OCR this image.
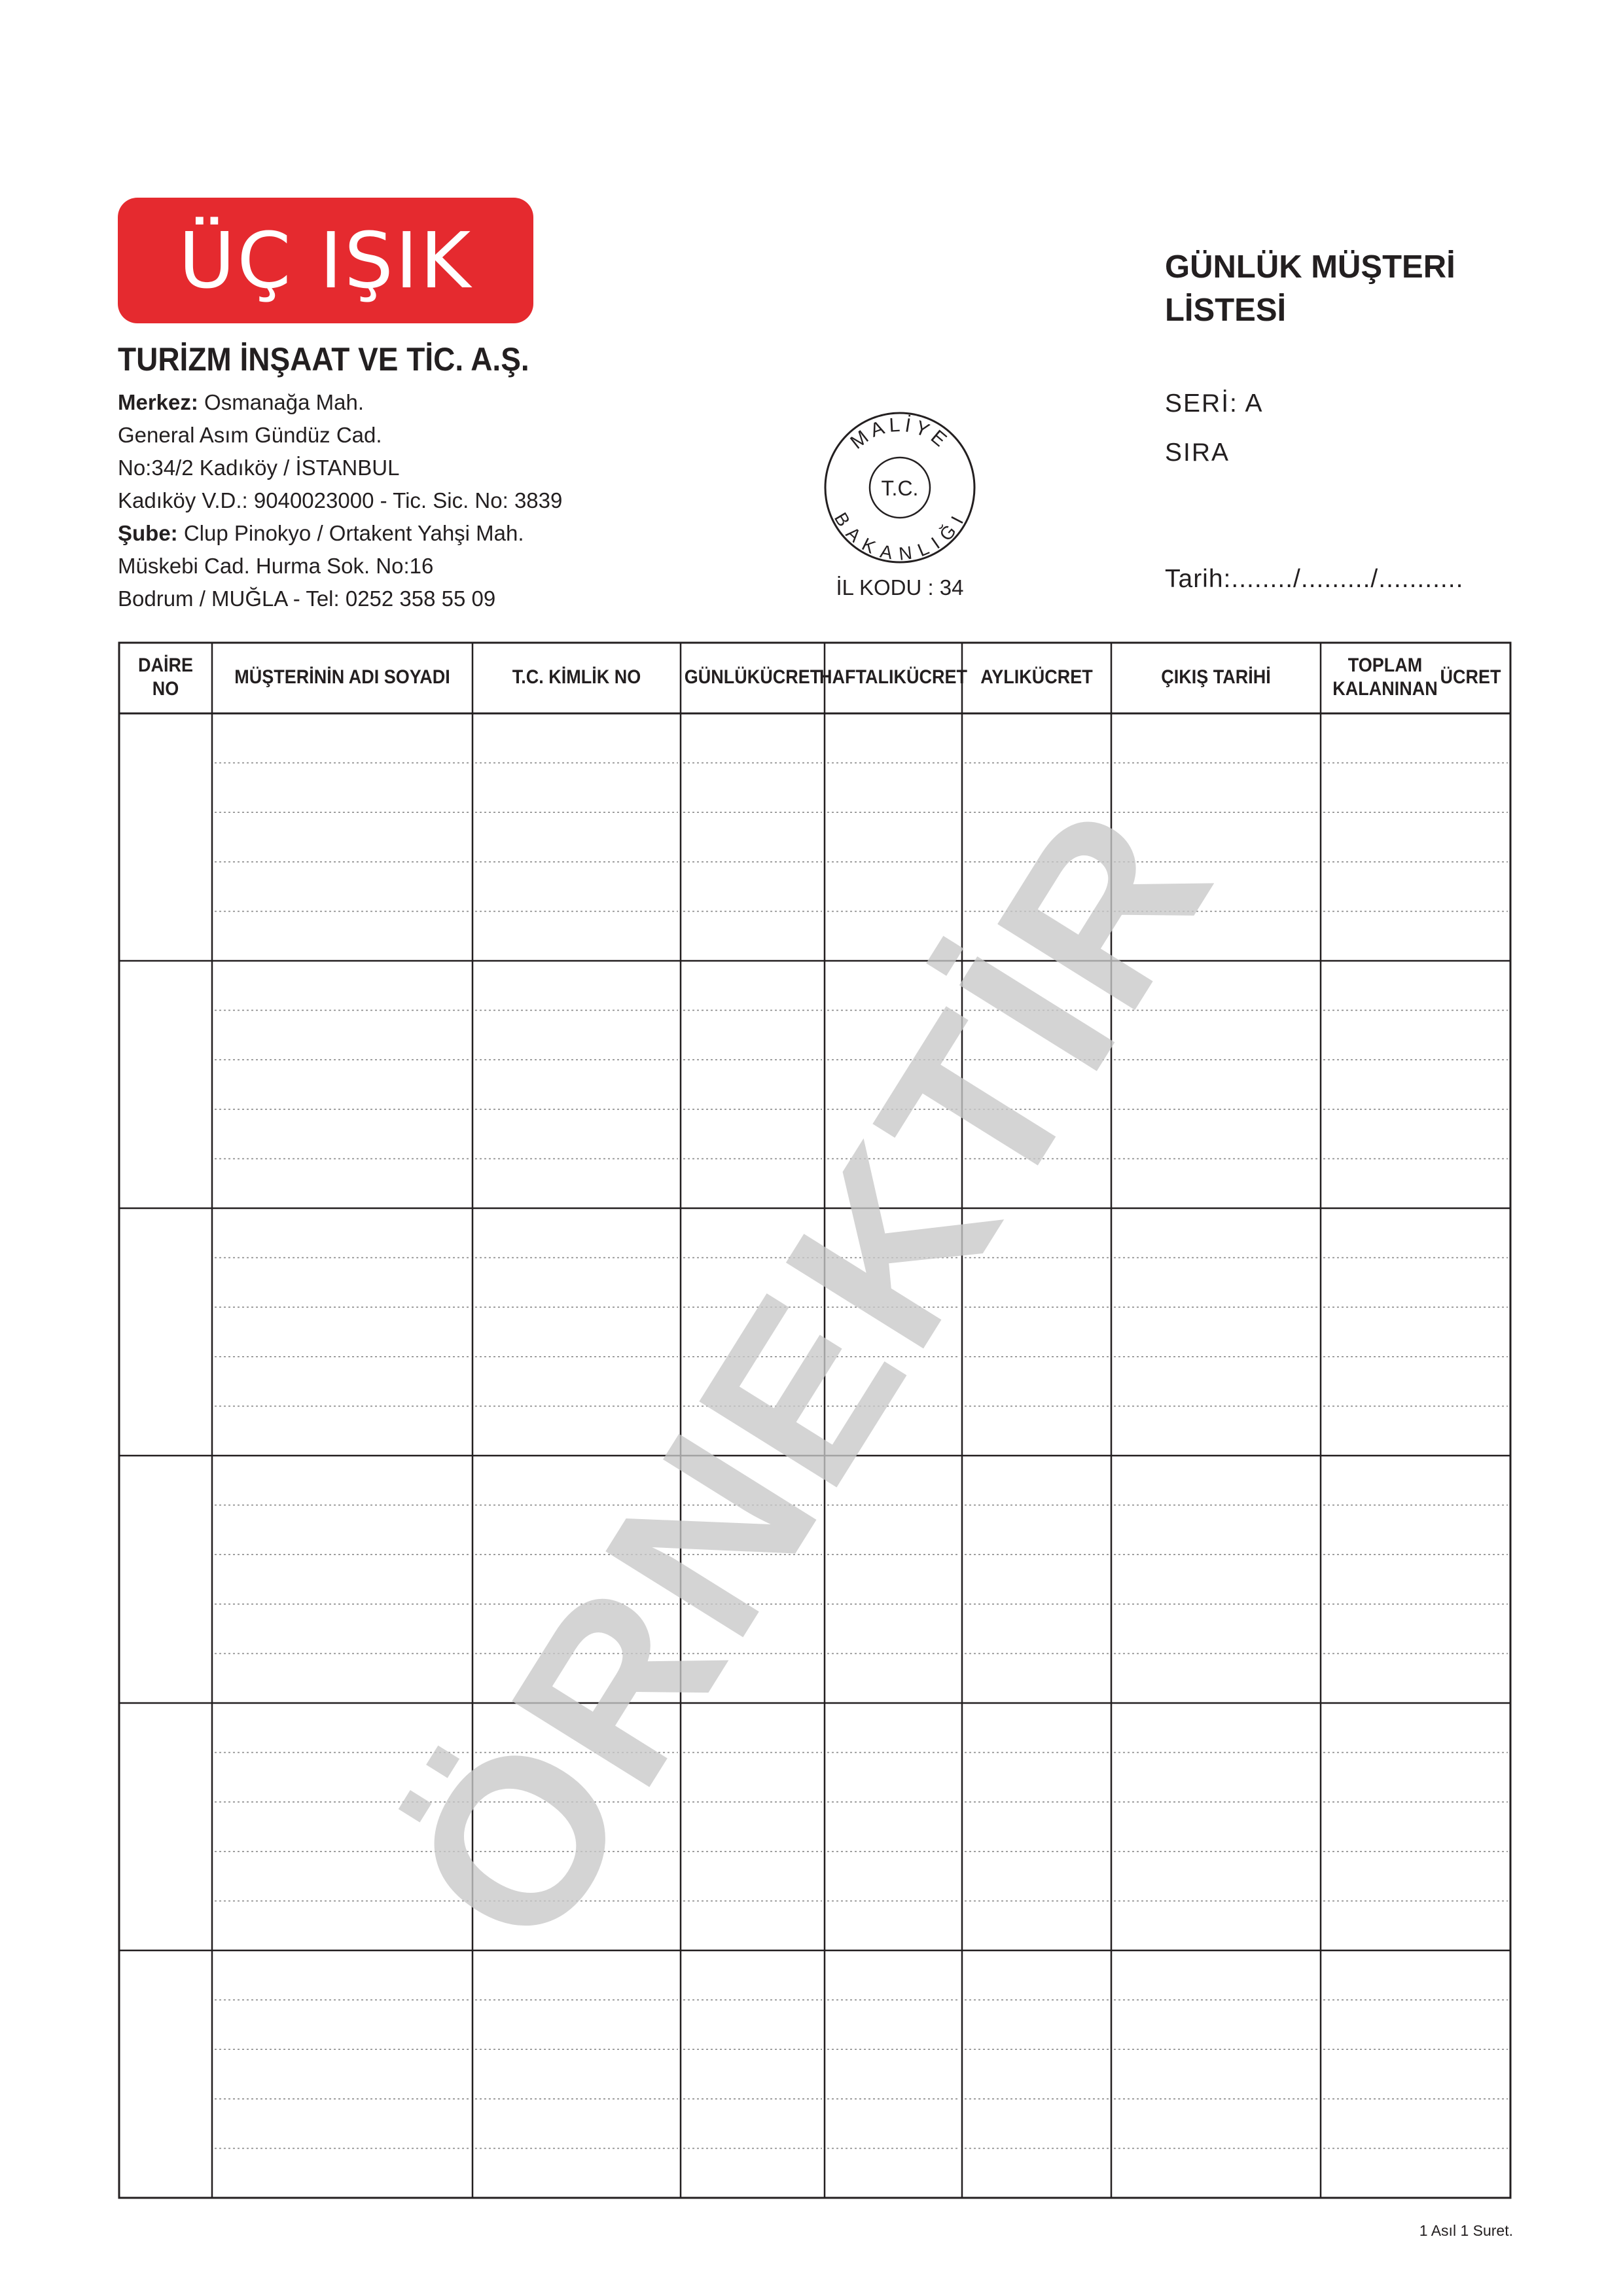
ÜÇ IŞIK
TURİZM İNŞAAT VE TİC. A.Ş.
Merkez: Osmanağa Mah.
General Asım Gündüz Cad.
No:34/2 Kadıköy / İSTANBUL
Kadıköy V.D.: 9040023000 - Tic. Sic. No: 3839
Şube: Clup Pinokyo / Ortakent Yahşi Mah.
Müskebi Cad. Hurma Sok. No:16
Bodrum / MUĞLA - Tel: 0252 358 55 09
MALİYE
BAKANLIĞI
T.C.
İL KODU : 34
GÜNLÜK MÜŞTERİ
LİSTESİ
SERİ: A
SIRA
Tarih:......../........./...........
DAİRE NO
MÜŞTERİNİN ADI SOYADI	T.C. KİMLİK NO GÜNLÜK ÜCRET
HAFTALIK ÜCRET AYLIK ÜCRET	ÇIKIŞ TARİHİ
TOPLAM KALANINAN
ÜCRET
ÖRNEKTİR
1 Asıl 1 Suret.
